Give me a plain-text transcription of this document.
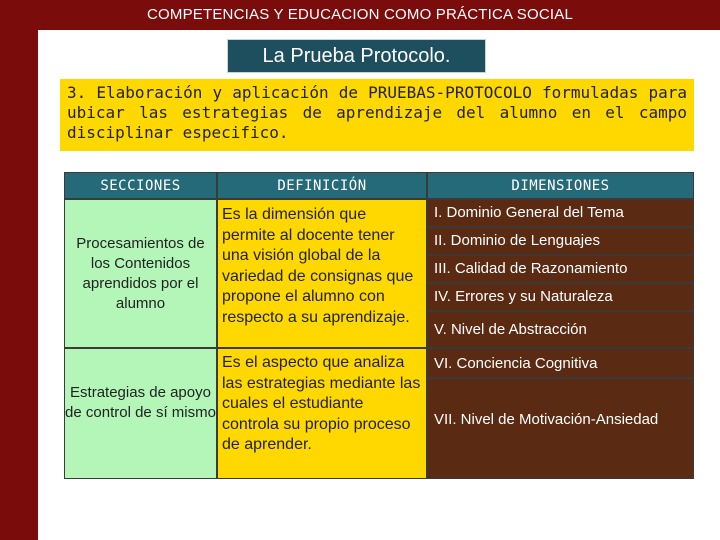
COMPETENCIAS Y EDUCACION COMO PRÁCTICA SOCIAL
La Prueba Protocolo.
3. Elaboración y aplicación de PRUEBAS-PROTOCOLO formuladas para ubicar las estrategias de aprendizaje del alumno en el campo disciplinar especifico.
SECCIONES	DEFINICIÓN	DIMENSIONES
Procesamientos de los Contenidos aprendidos por el alumno
Es la dimensión que permite al docente tener una visión global de la variedad de consignas que propone el alumno con respecto a su aprendizaje.
I. Dominio General del Tema
II. Dominio de Lenguajes
III. Calidad de Razonamiento
IV. Errores y su Naturaleza
V. Nivel de Abstracción
Estrategias de apoyo de control de sí mismo
Es el aspecto que analiza las estrategias mediante las cuales el estudiante controla su propio proceso de aprender.
VI. Conciencia Cognitiva
VII. Nivel de Motivación-Ansiedad
